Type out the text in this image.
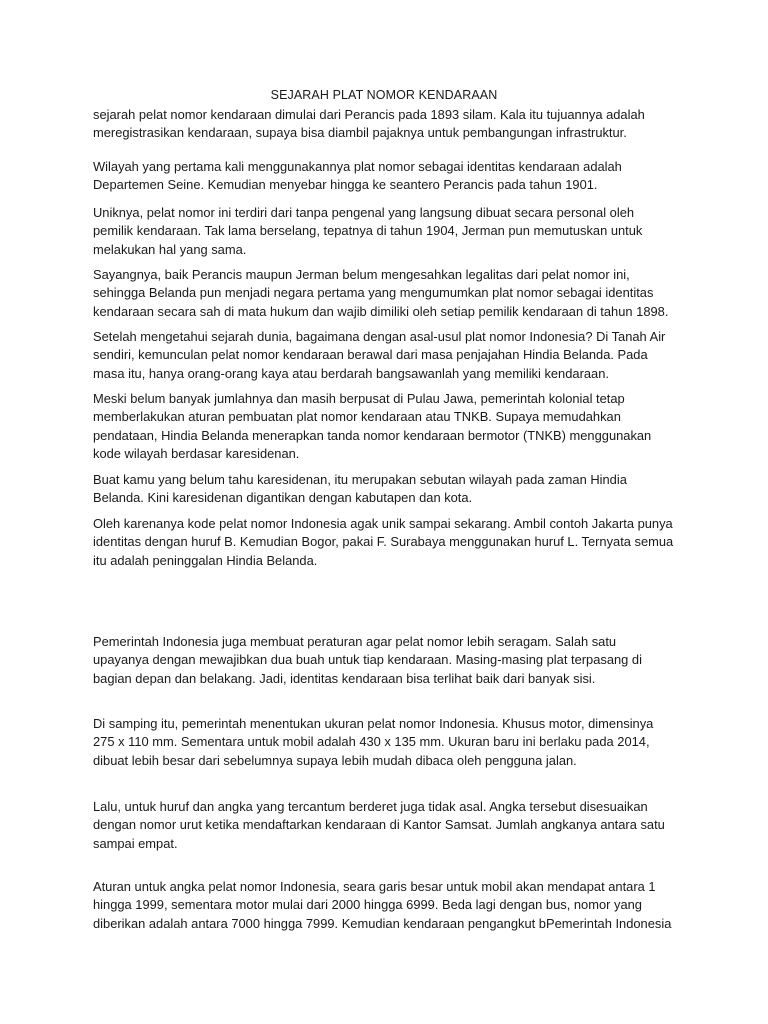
SEJARAH PLAT NOMOR KENDARAAN

sejarah pelat nomor kendaraan dimulai dari Perancis pada 1893 silam. Kala itu tujuannya adalah
meregistrasikan kendaraan, supaya bisa diambil pajaknya untuk pembangungan infrastruktur.

Wilayah yang pertama kali menggunakannya plat nomor sebagai identitas kendaraan adalah
Departemen Seine. Kemudian menyebar hingga ke seantero Perancis pada tahun 1901.

Uniknya, pelat nomor ini terdiri dari tanpa pengenal yang langsung dibuat secara personal oleh
pemilik kendaraan. Tak lama berselang, tepatnya di tahun 1904, Jerman pun memutuskan untuk
melakukan hal yang sama.

Sayangnya, baik Perancis maupun Jerman belum mengesahkan legalitas dari pelat nomor ini,
sehingga Belanda pun menjadi negara pertama yang mengumumkan plat nomor sebagai identitas
kendaraan secara sah di mata hukum dan wajib dimiliki oleh setiap pemilik kendaraan di tahun 1898.

Setelah mengetahui sejarah dunia, bagaimana dengan asal-usul plat nomor Indonesia? Di Tanah Air
sendiri, kemunculan pelat nomor kendaraan berawal dari masa penjajahan Hindia Belanda. Pada
masa itu, hanya orang-orang kaya atau berdarah bangsawanlah yang memiliki kendaraan.

Meski belum banyak jumlahnya dan masih berpusat di Pulau Jawa, pemerintah kolonial tetap
memberlakukan aturan pembuatan plat nomor kendaraan atau TNKB. Supaya memudahkan
pendataan, Hindia Belanda menerapkan tanda nomor kendaraan bermotor (TNKB) menggunakan
kode wilayah berdasar karesidenan.

Buat kamu yang belum tahu karesidenan, itu merupakan sebutan wilayah pada zaman Hindia
Belanda. Kini karesidenan digantikan dengan kabutapen dan kota.

Oleh karenanya kode pelat nomor Indonesia agak unik sampai sekarang. Ambil contoh Jakarta punya
identitas dengan huruf B. Kemudian Bogor, pakai F. Surabaya menggunakan huruf L. Ternyata semua
itu adalah peninggalan Hindia Belanda.

Pemerintah Indonesia juga membuat peraturan agar pelat nomor lebih seragam. Salah satu
upayanya dengan mewajibkan dua buah untuk tiap kendaraan. Masing-masing plat terpasang di
bagian depan dan belakang. Jadi, identitas kendaraan bisa terlihat baik dari banyak sisi.

Di samping itu, pemerintah menentukan ukuran pelat nomor Indonesia. Khusus motor, dimensinya
275 x 110 mm. Sementara untuk mobil adalah 430 x 135 mm. Ukuran baru ini berlaku pada 2014,
dibuat lebih besar dari sebelumnya supaya lebih mudah dibaca oleh pengguna jalan.

Lalu, untuk huruf dan angka yang tercantum berderet juga tidak asal. Angka tersebut disesuaikan
dengan nomor urut ketika mendaftarkan kendaraan di Kantor Samsat. Jumlah angkanya antara satu
sampai empat.

Aturan untuk angka pelat nomor Indonesia, seara garis besar untuk mobil akan mendapat antara 1
hingga 1999, sementara motor mulai dari 2000 hingga 6999. Beda lagi dengan bus, nomor yang
diberikan adalah antara 7000 hingga 7999. Kemudian kendaraan pengangkut bPemerintah Indonesia
